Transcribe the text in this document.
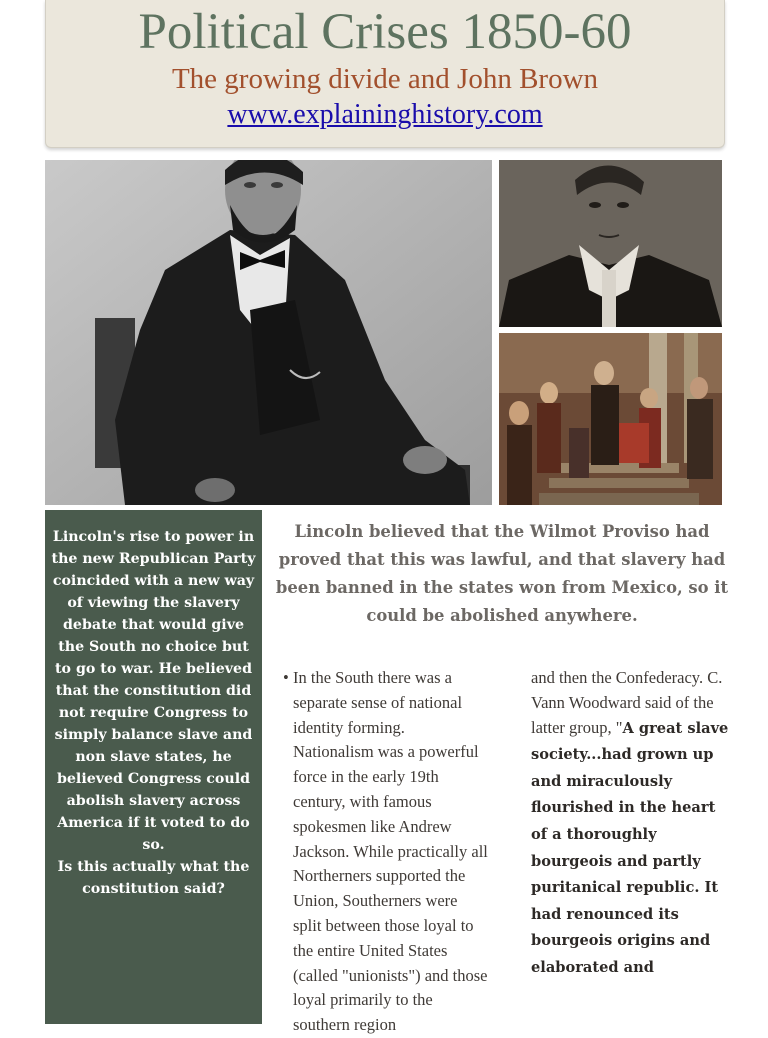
Political Crises 1850-60
The growing divide and John Brown
www.explaininghistory.com

Lincoln's rise to power in the new Republican Party coincided with a new way of viewing the slavery debate that would give the South no choice but to go to war. He believed that the constitution did not require Congress to simply balance slave and non slave states, he believed Congress could abolish slavery across America if it voted to do so.

Is this actually what the constitution said?

Lincoln believed that the Wilmot Proviso had proved that this was lawful, and that slavery had been banned in the states won from Mexico, so it could be abolished anywhere.

• In the South there was a separate sense of national identity forming. Nationalism was a powerful force in the early 19th century, with famous spokesmen like Andrew Jackson. While practically all Northerners supported the Union, Southerners were split between those loyal to the entire United States (called "unionists") and those loyal primarily to the southern region
and then the Confederacy. C. Vann Woodward said of the latter group, "A great slave society...had grown up and miraculously flourished in the heart of a thoroughly bourgeois and partly puritanical republic. It had renounced its bourgeois origins and elaborated and
